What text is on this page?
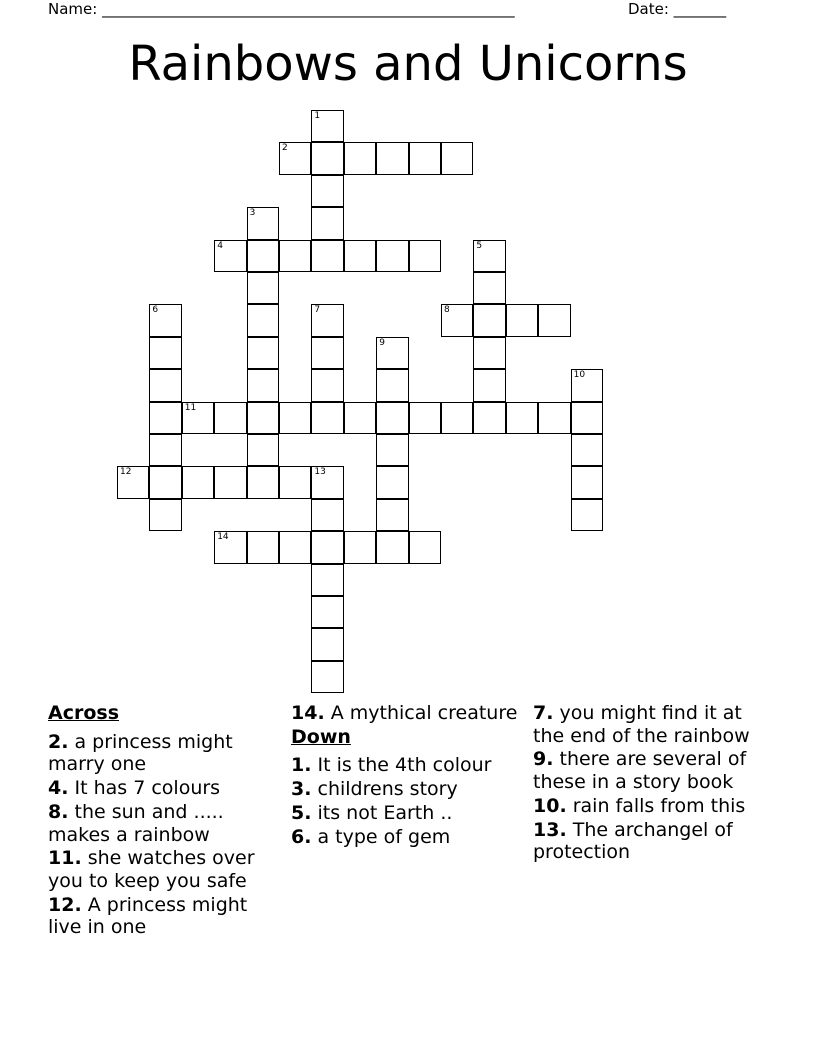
Name: _______________________________________________________	Date: _______
Rainbows and Unicorns
1
2
3
4	5
6	7	8
9
10
11
12	13
14
Across
2. a princess might marry one
4. It has 7 colours
8. the sun and ..... makes a rainbow
11. she watches over you to keep you safe
12. A princess might live in one
14. A mythical creature
Down
1. It is the 4th colour
3. childrens story
5. its not Earth ..
6. a type of gem
7. you might find it at the end of the rainbow
9. there are several of these in a story book
10. rain falls from this
13. The archangel of protection
